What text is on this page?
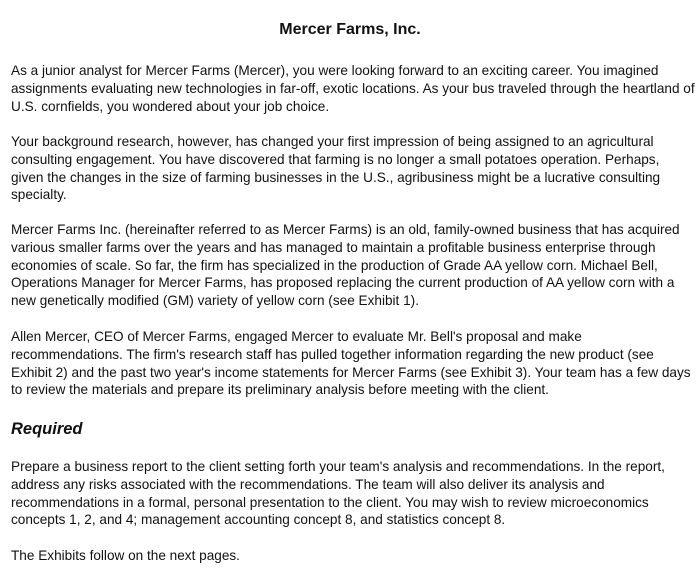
Mercer Farms, Inc.

As a junior analyst for Mercer Farms (Mercer), you were looking forward to an exciting career. You imagined assignments evaluating new technologies in far-off, exotic locations. As your bus traveled through the heartland of U.S. cornfields, you wondered about your job choice.

Your background research, however, has changed your first impression of being assigned to an agricultural consulting engagement. You have discovered that farming is no longer a small potatoes operation. Perhaps, given the changes in the size of farming businesses in the U.S., agribusiness might be a lucrative consulting specialty.

Mercer Farms Inc. (hereinafter referred to as Mercer Farms) is an old, family-owned business that has acquired various smaller farms over the years and has managed to maintain a profitable business enterprise through economies of scale. So far, the firm has specialized in the production of Grade AA yellow corn. Michael Bell, Operations Manager for Mercer Farms, has proposed replacing the current production of AA yellow corn with a new genetically modified (GM) variety of yellow corn (see Exhibit 1).

Allen Mercer, CEO of Mercer Farms, engaged Mercer to evaluate Mr. Bell's proposal and make recommendations. The firm's research staff has pulled together information regarding the new product (see Exhibit 2) and the past two year's income statements for Mercer Farms (see Exhibit 3). Your team has a few days to review the materials and prepare its preliminary analysis before meeting with the client.

Required

Prepare a business report to the client setting forth your team's analysis and recommendations. In the report, address any risks associated with the recommendations. The team will also deliver its analysis and recommendations in a formal, personal presentation to the client. You may wish to review microeconomics concepts 1, 2, and 4; management accounting concept 8, and statistics concept 8.

The Exhibits follow on the next pages.
